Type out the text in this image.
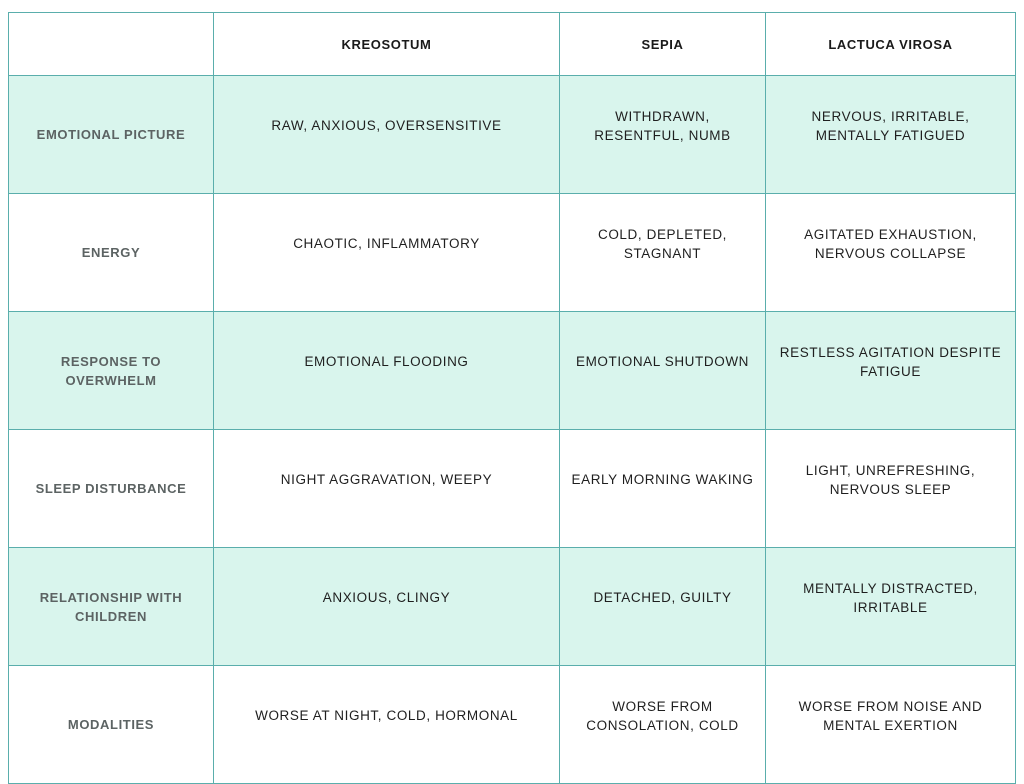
	KREOSOTUM	SEPIA	LACTUCA VIROSA
EMOTIONAL PICTURE	RAW, ANXIOUS, OVERSENSITIVE	WITHDRAWN, RESENTFUL, NUMB	NERVOUS, IRRITABLE, MENTALLY FATIGUED
ENERGY	CHAOTIC, INFLAMMATORY	COLD, DEPLETED, STAGNANT	AGITATED EXHAUSTION, NERVOUS COLLAPSE
RESPONSE TO OVERWHELM	EMOTIONAL FLOODING	EMOTIONAL SHUTDOWN	RESTLESS AGITATION DESPITE FATIGUE
SLEEP DISTURBANCE	NIGHT AGGRAVATION, WEEPY	EARLY MORNING WAKING	LIGHT, UNREFRESHING, NERVOUS SLEEP
RELATIONSHIP WITH CHILDREN	ANXIOUS, CLINGY	DETACHED, GUILTY	MENTALLY DISTRACTED, IRRITABLE
MODALITIES	WORSE AT NIGHT, COLD, HORMONAL	WORSE FROM CONSOLATION, COLD	WORSE FROM NOISE AND MENTAL EXERTION
